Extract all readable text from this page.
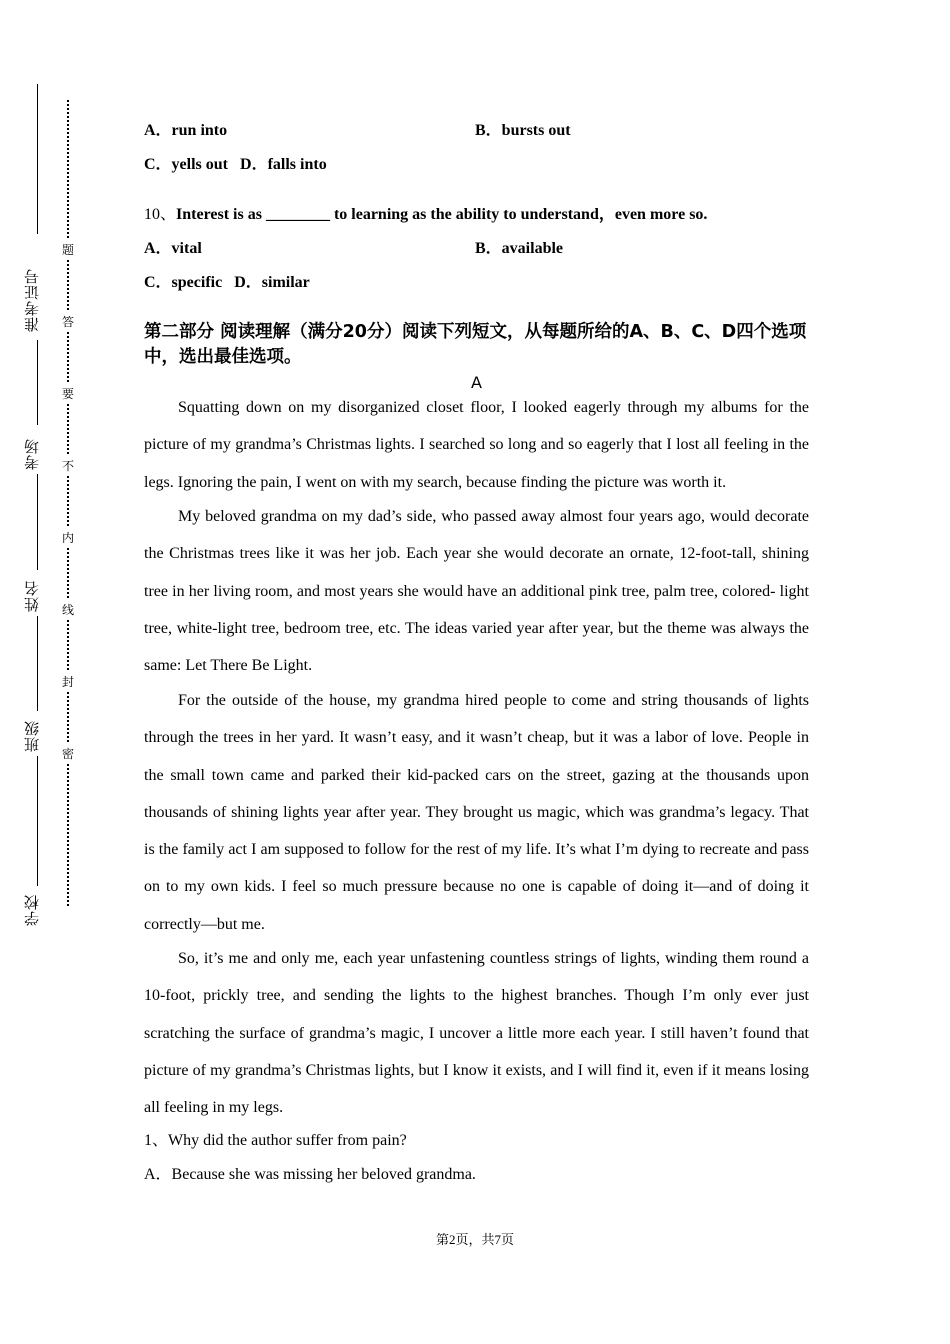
准考证号
考场
姓名
班级
学校
题
答
要
不
内
线
封
密
A．run into	B．bursts out
C．yells out D．falls into
10、Interest is as ________ to learning as the ability to understand，even more so.
A．vital	B．available
C．specific D．similar
第二部分 阅读理解（满分20分）阅读下列短文，从每题所给的A、B、C、D四个选项中，选出最佳选项。
A
Squatting down on my disorganized closet floor, I looked eagerly through my albums for the picture of my grandma’s Christmas lights. I searched so long and so eagerly that I lost all feeling in the legs. Ignoring the pain, I went on with my search, because finding the picture was worth it.
My beloved grandma on my dad’s side, who passed away almost four years ago, would decorate the Christmas trees like it was her job. Each year she would decorate an ornate, 12-foot-tall, shining tree in her living room, and most years she would have an additional pink tree, palm tree, colored- light tree, white-light tree, bedroom tree, etc. The ideas varied year after year, but the theme was always the same: Let There Be Light.
For the outside of the house, my grandma hired people to come and string thousands of lights through the trees in her yard. It wasn’t easy, and it wasn’t cheap, but it was a labor of love. People in the small town came and parked their kid-packed cars on the street, gazing at the thousands upon thousands of shining lights year after year. They brought us magic, which was grandma’s legacy. That is the family act I am supposed to follow for the rest of my life. It’s what I’m dying to recreate and pass on to my own kids. I feel so much pressure because no one is capable of doing it—and of doing it correctly—but me.
So, it’s me and only me, each year unfastening countless strings of lights, winding them round a 10-foot, prickly tree, and sending the lights to the highest branches. Though I’m only ever just scratching the surface of grandma’s magic, I uncover a little more each year. I still haven’t found that picture of my grandma’s Christmas lights, but I know it exists, and I will find it, even if it means losing all feeling in my legs.
1、Why did the author suffer from pain?
A．Because she was missing her beloved grandma.
第2页，共7页
